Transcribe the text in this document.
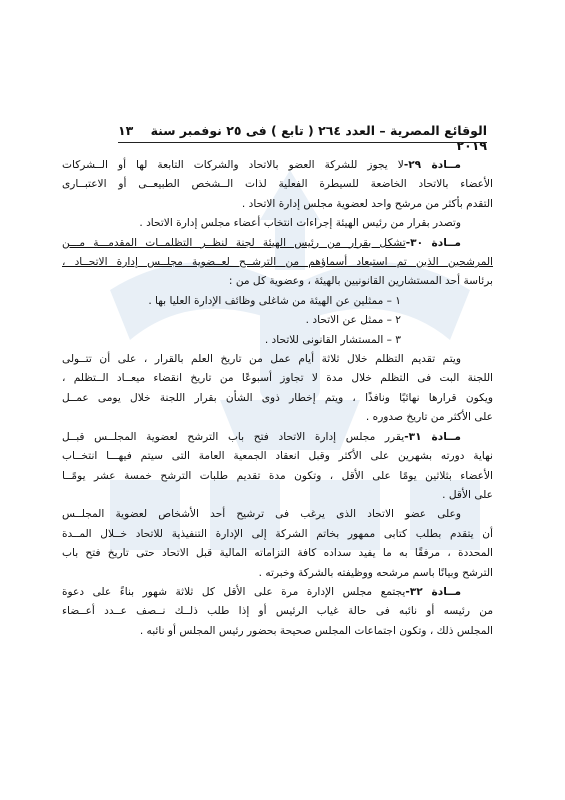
الوقائع المصرية – العدد ٢٦٤ ( تابع ) فى ٢٥ نوفمبر سنة ٢٠١٩
١٣
مــادة ٢٩-لا يجوز للشركة العضو بالاتحاد والشركات التابعة لها أو الــشركات
الأعضاء بالاتحاد الخاضعة للسيطرة الفعلية لذات الــشخص الطبيعــى أو الاعتبــارى
التقدم بأكثر من مرشح واحد لعضوية مجلس إدارة الاتحاد .
وتصدر بقرار من رئيس الهيئة إجراءات انتخاب أعضاء مجلس إدارة الاتحاد .
مــادة ٣٠-تشكل بقرار من رئيس الهيئة لجنة لنظــر التظلمــات المقدمـــة مـــن
المرشحين الذين تم استبعاد أسماؤهم من الترشــح لعــضوية مجلــس إدارة الاتحــاد ،
برئاسة أحد المستشارين القانونيين بالهيئة ، وعضوية كل من :
١ – ممثلين عن الهيئة من شاغلى وظائف الإدارة العليا بها .
٢ – ممثل عن الاتحاد .
٣ – المستشار القانونى للاتحاد .
ويتم تقديم التظلم خلال ثلاثة أيام عمل من تاريخ العلم بالقرار ، على أن تتــولى
اللجنة البت فى التظلم خلال مدة لا تجاوز أسبوعًا من تاريخ انقضاء ميعــاد الــتظلم ،
ويكون قرارها نهائيًا ونافذًا ، ويتم إخطار ذوى الشأن بقرار اللجنة خلال يومى عمــل
على الأكثر من تاريخ صدوره .
مــادة ٣١-يقرر مجلس إدارة الاتحاد فتح باب الترشح لعضوية المجلــس قبــل
نهاية دورته بشهرين على الأكثر وقبل انعقاد الجمعية العامة التى سيتم فيهـــا انتخــاب
الأعضاء بثلاثين يومًا على الأقل ، وتكون مدة تقديم طلبات الترشح خمسة عشر يومًــا
على الأقل .
وعلى عضو الاتحاد الذى يرغب فى ترشيح أحد الأشخاص لعضوية المجلــس
أن يتقدم بطلب كتابى ممهور بخاتم الشركة إلى الإدارة التنفيذية للاتحاد خــلال المــدة
المحددة ، مرفقًا به ما يفيد سداده كافة التزاماته المالية قبل الاتحاد حتى تاريخ فتح باب
الترشح وبيانًا باسم مرشحه ووظيفته بالشركة وخبرته .
مــادة ٣٢-يجتمع مجلس الإدارة مرة على الأقل كل ثلاثة شهور بناءً على دعوة
من رئيسه أو نائبه فى حالة غياب الرئيس أو إذا طلب ذلــك نــصف عــدد أعــضاء
المجلس ذلك ، وتكون اجتماعات المجلس صحيحة بحضور رئيس المجلس أو نائبه .
